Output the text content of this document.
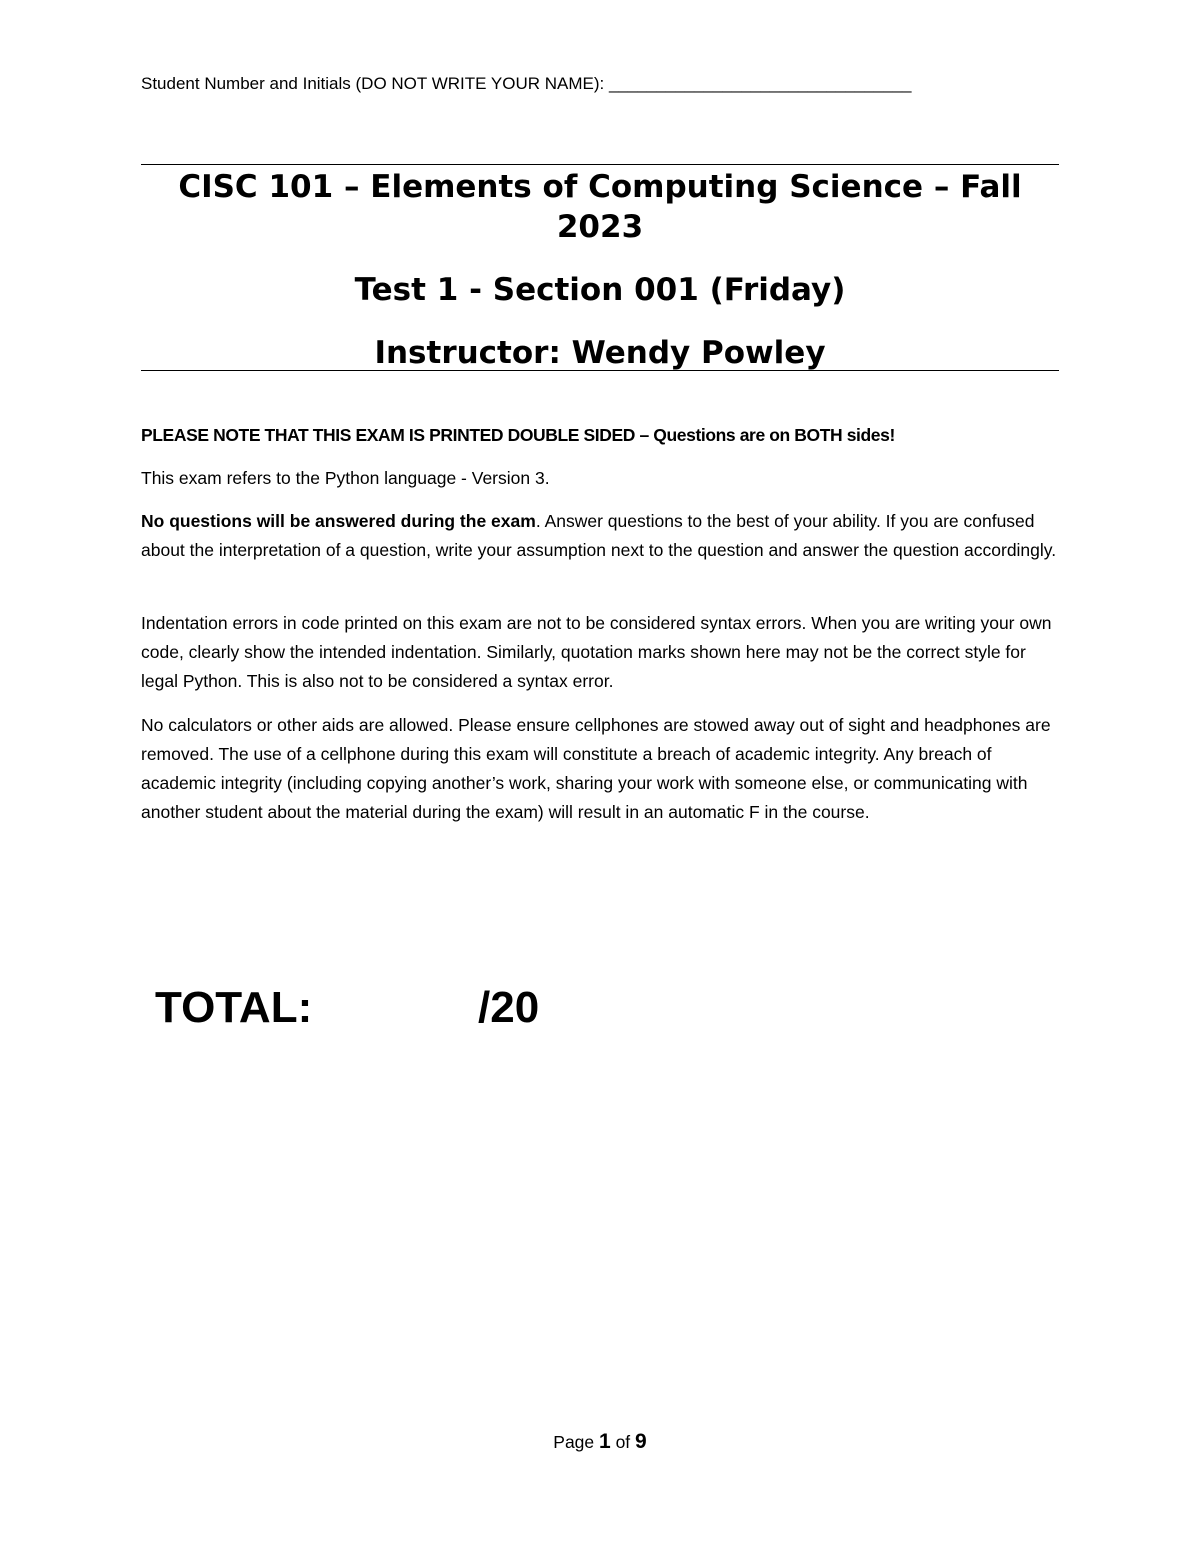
Student Number and Initials (DO NOT WRITE YOUR NAME): ________________________________
CISC 101 – Elements of Computing Science – Fall 2023
Test 1 - Section 001 (Friday)
Instructor: Wendy Powley
PLEASE NOTE THAT THIS EXAM IS PRINTED DOUBLE SIDED – Questions are on BOTH sides!
This exam refers to the Python language - Version 3.
No questions will be answered during the exam. Answer questions to the best of your ability. If you are confused about the interpretation of a question, write your assumption next to the question and answer the question accordingly.
Indentation errors in code printed on this exam are not to be considered syntax errors. When you are writing your own code, clearly show the intended indentation. Similarly, quotation marks shown here may not be the correct style for legal Python. This is also not to be considered a syntax error.
No calculators or other aids are allowed. Please ensure cellphones are stowed away out of sight and headphones are removed. The use of a cellphone during this exam will constitute a breach of academic integrity. Any breach of academic integrity (including copying another’s work, sharing your work with someone else, or communicating with another student about the material during the exam) will result in an automatic F in the course.
TOTAL:	/20
Page 1 of 9
